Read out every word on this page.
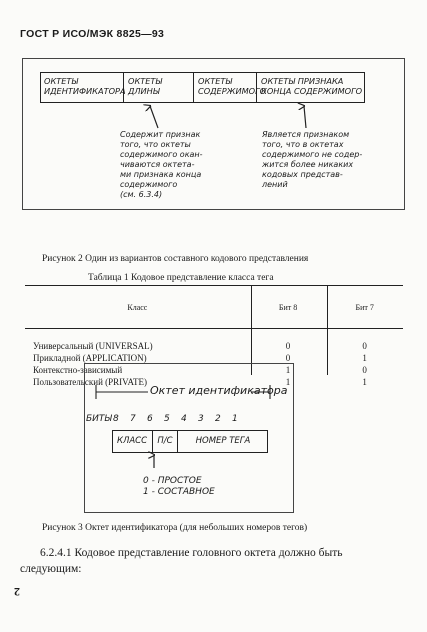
ГОСТ Р ИСО/МЭК 8825—93
ОКТЕТЫ
ИДЕНТИФИКАТОРА
ОКТЕТЫ
ДЛИНЫ
ОКТЕТЫ
СОДЕРЖИМОГО
ОКТЕТЫ ПРИЗНАКА
КОНЦА СОДЕРЖИМОГО
Содержит признак
того, что октеты
содержимого окан-
чиваются октета-
ми признака конца
содержимого
(см. 6.3.4)
Является признаком
того, что в октетах
содержимого не содер-
жится более никаких
кодовых представ-
лений
Рисунок 2 Один из вариантов составного кодового представления
Таблица 1 Кодовое представление класса тега
Класс	Бит 8	Бит 7

Универсальный (UNIVERSAL)	0	0
Прикладной (APPLICATION)	0	1
Контекстно-зависимый	1	0
Пользовательский (PRIVATE)	1	1
Октет идентификатора
БИТЫ 8 7 6 5 4 3 2 1
КЛАСС	П/С	НОМЕР ТЕГА
0 - ПРОСТОЕ
1 - СОСТАВНОЕ
Рисунок 3 Октет идентификатора (для небольших номеров тегов)
6.2.4.1 Кодовое представление головного октета должно быть
следующим:
2
